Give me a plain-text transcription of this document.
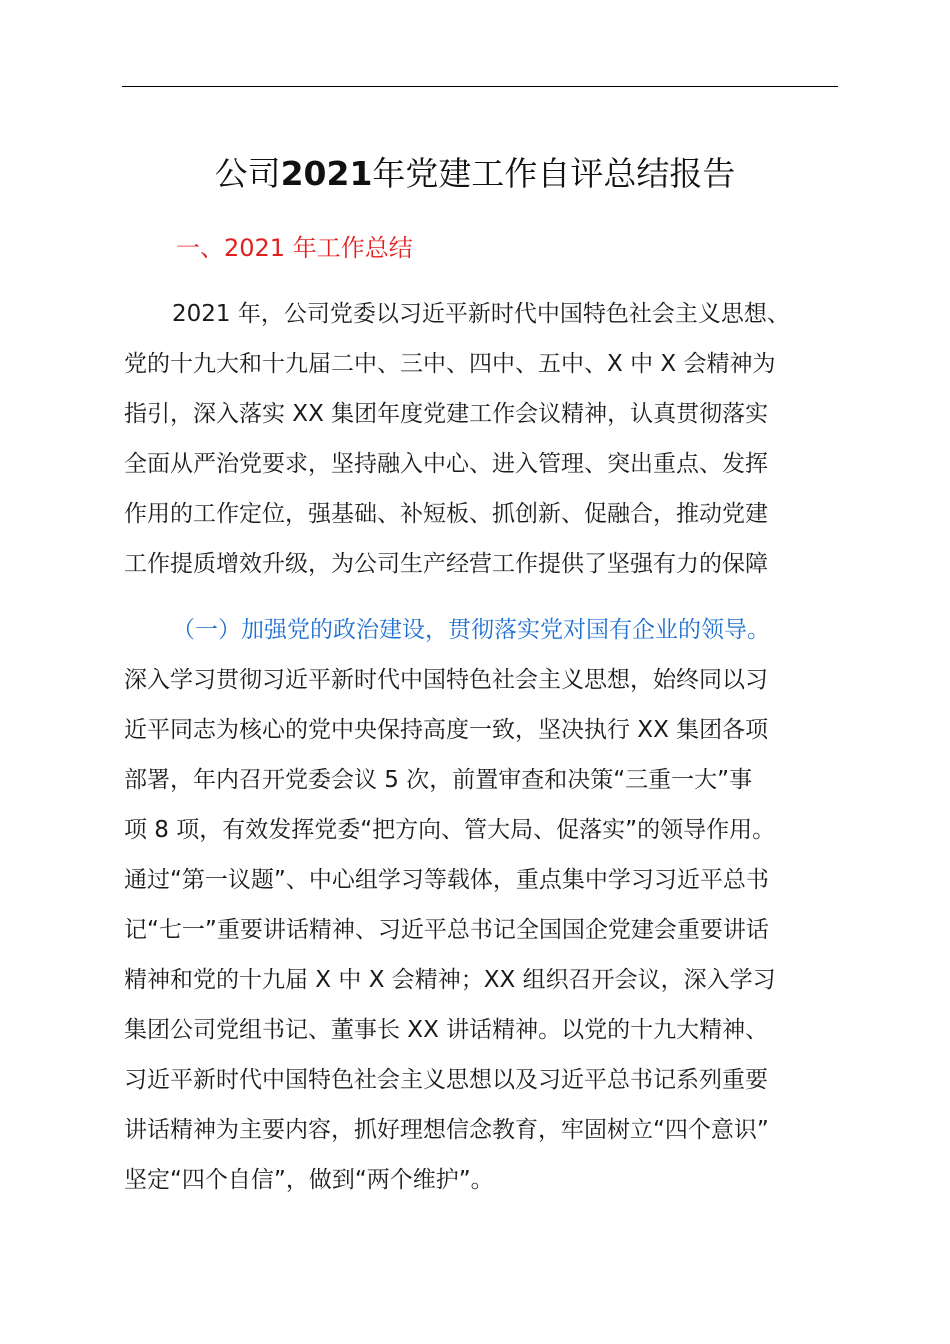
公司2021年党建工作自评总结报告
一、2021 年工作总结
2021 年，公司党委以习近平新时代中国特色社会主义思想、
党的十九大和十九届二中、三中、四中、五中、X 中 X 会精神为
指引，深入落实 XX 集团年度党建工作会议精神，认真贯彻落实
全面从严治党要求，坚持融入中心、进入管理、突出重点、发挥
作用的工作定位，强基础、补短板、抓创新、促融合，推动党建
工作提质增效升级，为公司生产经营工作提供了坚强有力的保障
（一）加强党的政治建设，贯彻落实党对国有企业的领导。
深入学习贯彻习近平新时代中国特色社会主义思想，始终同以习
近平同志为核心的党中央保持高度一致，坚决执行 XX 集团各项
部署，年内召开党委会议 5 次，前置审查和决策“三重一大”事
项 8 项，有效发挥党委“把方向、管大局、促落实”的领导作用。
通过“第一议题”、中心组学习等载体，重点集中学习习近平总书
记“七一”重要讲话精神、习近平总书记全国国企党建会重要讲话
精神和党的十九届 X 中 X 会精神；XX 组织召开会议，深入学习
集团公司党组书记、董事长 XX 讲话精神。以党的十九大精神、
习近平新时代中国特色社会主义思想以及习近平总书记系列重要
讲话精神为主要内容，抓好理想信念教育，牢固树立“四个意识”
坚定“四个自信”，做到“两个维护”。
